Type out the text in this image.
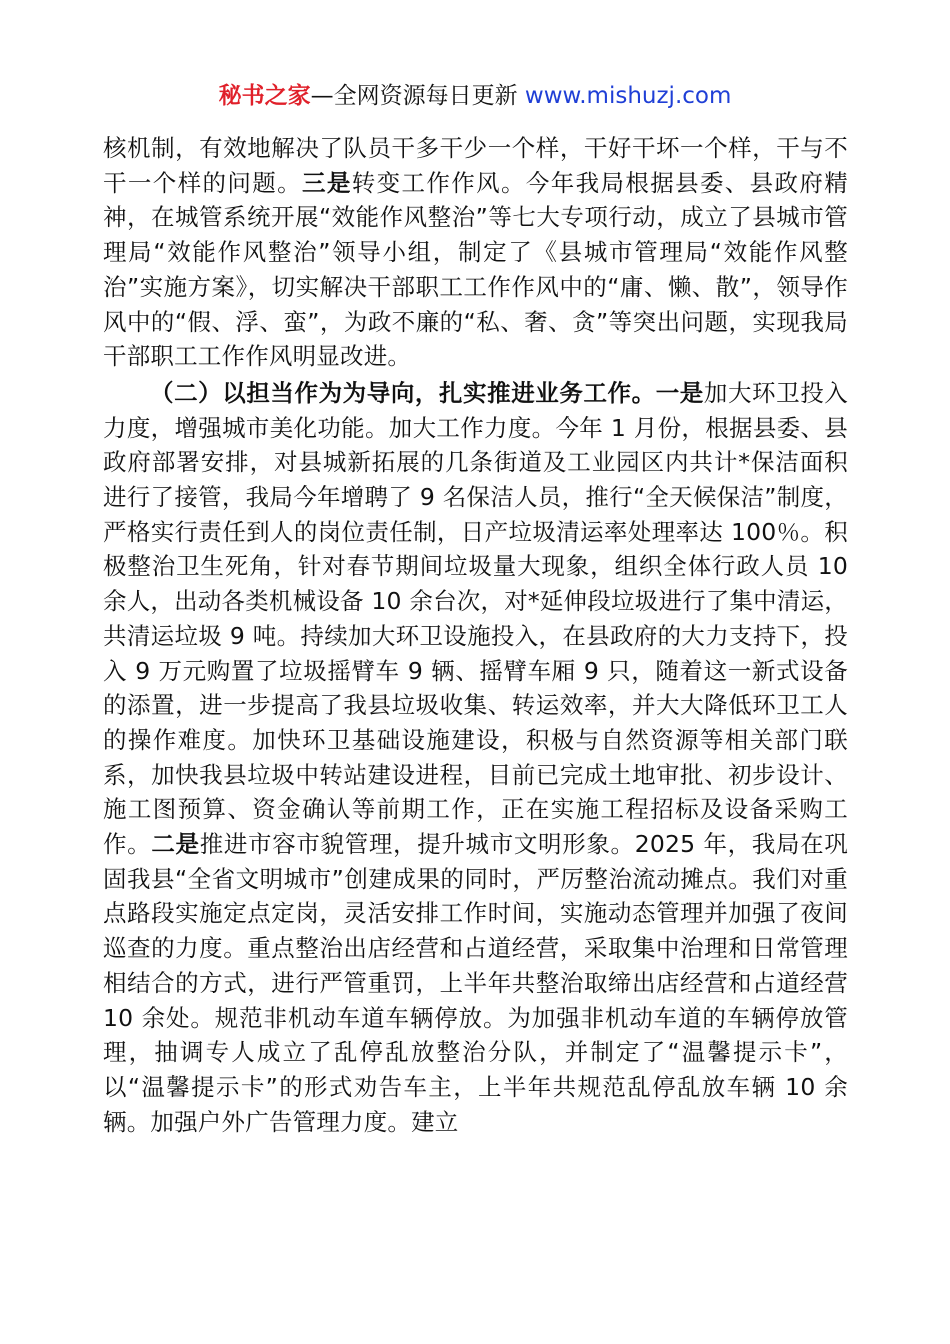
秘书之家—全网资源每日更新 www.mishuzj.com

核机制，有效地解决了队员干多干少一个样，干好干坏一个样，干与不干一个样的问题。三是转变工作作风。今年我局根据县委、县政府精神，在城管系统开展“效能作风整治”等七大专项行动，成立了县城市管理局“效能作风整治”领导小组，制定了《县城市管理局“效能作风整治”实施方案》，切实解决干部职工工作作风中的“庸、懒、散”，领导作风中的“假、浮、蛮”，为政不廉的“私、奢、贪”等突出问题，实现我局干部职工工作作风明显改进。

（二）以担当作为为导向，扎实推进业务工作。一是加大环卫投入力度，增强城市美化功能。加大工作力度。今年 1 月份，根据县委、县政府部署安排，对县城新拓展的几条街道及工业园区内共计*保洁面积进行了接管，我局今年增聘了 9 名保洁人员，推行“全天候保洁”制度，严格实行责任到人的岗位责任制，日产垃圾清运率处理率达 100％。积极整治卫生死角，针对春节期间垃圾量大现象，组织全体行政人员 10 余人，出动各类机械设备 10 余台次，对*延伸段垃圾进行了集中清运，共清运垃圾 9 吨。持续加大环卫设施投入，在县政府的大力支持下，投入 9 万元购置了垃圾摇臂车 9 辆、摇臂车厢 9 只，随着这一新式设备的添置，进一步提高了我县垃圾收集、转运效率，并大大降低环卫工人的操作难度。加快环卫基础设施建设，积极与自然资源等相关部门联系，加快我县垃圾中转站建设进程，目前已完成土地审批、初步设计、施工图预算、资金确认等前期工作，正在实施工程招标及设备采购工作。二是推进市容市貌管理，提升城市文明形象。2025 年，我局在巩固我县“全省文明城市”创建成果的同时，严厉整治流动摊点。我们对重点路段实施定点定岗，灵活安排工作时间，实施动态管理并加强了夜间巡查的力度。重点整治出店经营和占道经营，采取集中治理和日常管理相结合的方式，进行严管重罚，上半年共整治取缔出店经营和占道经营 10 余处。规范非机动车道车辆停放。为加强非机动车道的车辆停放管理，抽调专人成立了乱停乱放整治分队，并制定了“温馨提示卡”，以“温馨提示卡”的形式劝告车主，上半年共规范乱停乱放车辆 10 余辆。加强户外广告管理力度。建立
